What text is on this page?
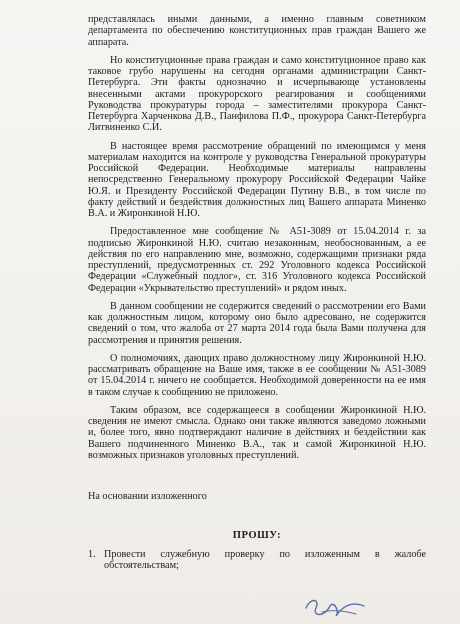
представлялась иными данными, а именно главным советником департамента по обеспечению конституционных прав граждан Вашего же аппарата.

Но конституционные права граждан и само конституционное право как таковое грубо нарушены на сегодня органами администрации Санкт-Петербурга. Эти факты однозначно и исчерпывающе установлены внесенными актами прокурорского реагирования и сообщениями Руководства прокуратуры города – заместителями прокурора Санкт-Петербурга Харченкова Д.В., Панфилова П.Ф., прокурора Санкт-Петербурга Литвиненко С.И.

В настоящее время рассмотрение обращений по имеющимся у меня материалам находится на контроле у руководства Генеральной прокуратуры Российской Федерации. Необходимые материалы направлены непосредственно Генеральному прокурору Российской Федерации Чайке Ю.Я. и Президенту Российской Федерации Путину В.В., в том числе по факту действий и бездействия должностных лиц Вашего аппарата Миненко В.А. и Жиронкиной Н.Ю.

Предоставленное мне сообщение № А51-3089 от 15.04.2014 г. за подписью Жиронкиной Н.Ю. считаю незаконным, необоснованным, а ее действия по его направлению мне, возможно, содержащими признаки ряда преступлений, предусмотренных ст. 292 Уголовного кодекса Российской Федерации «Служебный подлог», ст. 316 Уголовного кодекса Российской Федерации «Укрывательство преступлений» и рядом иных.

В данном сообщении не содержится сведений о рассмотрении его Вами как должностным лицом, которому оно было адресовано, не содержится сведений о том, что жалоба от 27 марта 2014 года была Вами получена для рассмотрения и принятия решения.

О полномочиях, дающих право должностному лицу Жиронкиной Н.Ю. рассматривать обращение на Ваше имя, также в ее сообщении № А51-3089 от 15.04.2014 г. ничего не сообщается. Необходимой доверенности на ее имя в таком случае к сообщению не приложено.

Таким образом, все содержащееся в сообщении Жиронкиной Н.Ю. сведения не имеют смысла. Однако они также являются заведомо ложными и, более того, явно подтверждают наличие в действиях и бездействии как Вашего подчиненного Миненко В.А., так и самой Жиронкиной Н.Ю. возможных признаков уголовных преступлений.

На основании изложенного

ПРОШУ:
1. Провести служебную проверку по изложенным в жалобе обстоятельствам;
